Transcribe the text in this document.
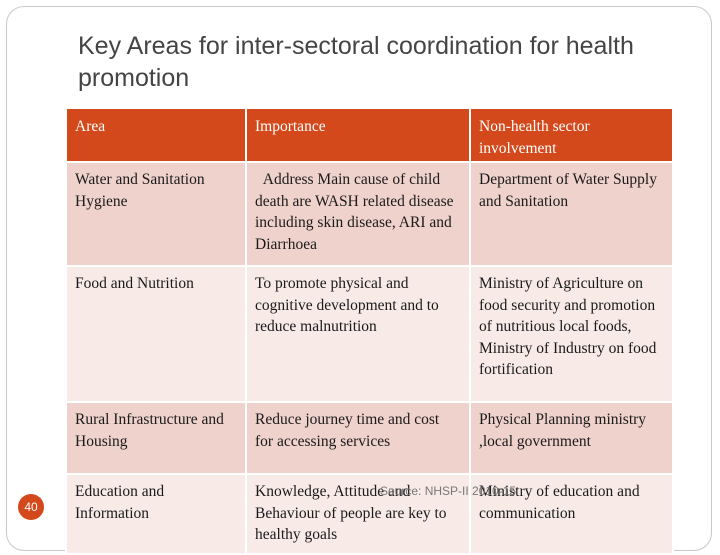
Key Areas for inter-sectoral coordination for health promotion
Area	Importance	Non-health sector involvement
Water and Sanitation Hygiene	Address Main cause of child death are WASH related disease including skin disease, ARI and Diarrhoea	Department of Water Supply and Sanitation
Food and Nutrition	To promote physical and cognitive development and to reduce malnutrition	Ministry of Agriculture on food security and promotion of nutritious local foods, Ministry of Industry on food fortification
Rural Infrastructure and Housing	Reduce journey time and cost for accessing services	Physical Planning ministry ,local government
Education and Information	Knowledge, Attitude and Behaviour of people are key to healthy goals	Ministry of education and communication
40
Source: NHSP-II 2010-15
